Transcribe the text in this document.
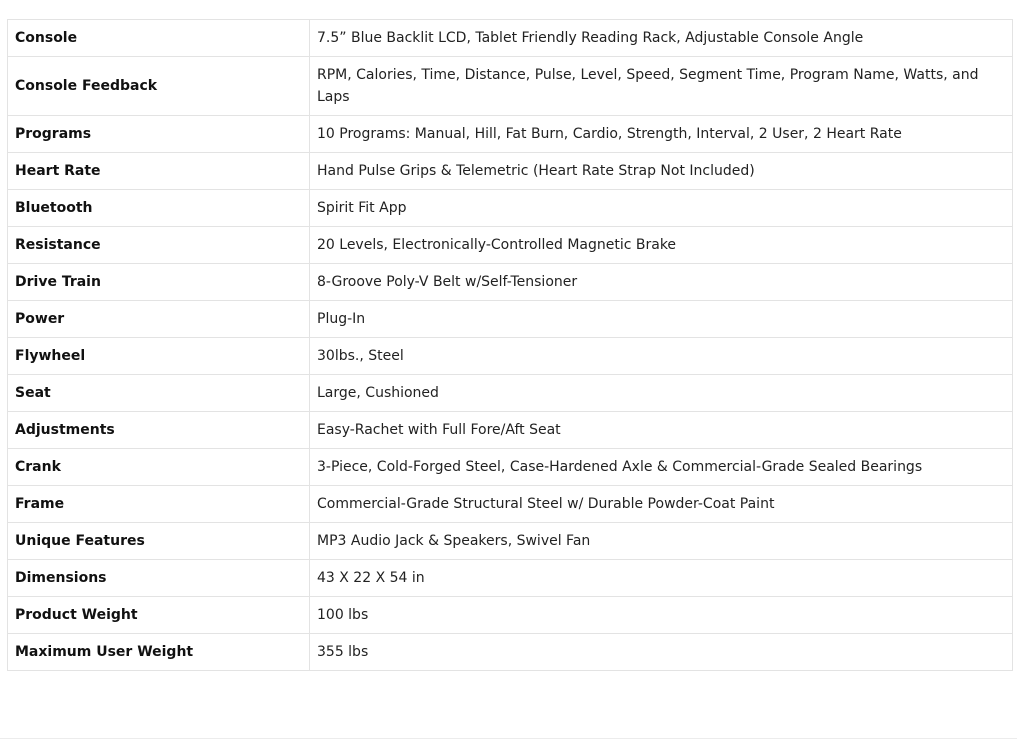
Console	7.5” Blue Backlit LCD, Tablet Friendly Reading Rack, Adjustable Console Angle
Console Feedback	RPM, Calories, Time, Distance, Pulse, Level, Speed, Segment Time, Program Name, Watts, and Laps
Programs	10 Programs: Manual, Hill, Fat Burn, Cardio, Strength, Interval, 2 User, 2 Heart Rate
Heart Rate	Hand Pulse Grips & Telemetric (Heart Rate Strap Not Included)
Bluetooth	Spirit Fit App
Resistance	20 Levels, Electronically-Controlled Magnetic Brake
Drive Train	8-Groove Poly-V Belt w/Self-Tensioner
Power	Plug-In
Flywheel	30lbs., Steel
Seat	Large, Cushioned
Adjustments	Easy-Rachet with Full Fore/Aft Seat
Crank	3-Piece, Cold-Forged Steel, Case-Hardened Axle & Commercial-Grade Sealed Bearings
Frame	Commercial-Grade Structural Steel w/ Durable Powder-Coat Paint
Unique Features	MP3 Audio Jack & Speakers, Swivel Fan
Dimensions	43 X 22 X 54 in
Product Weight	100 lbs
Maximum User Weight	355 lbs
